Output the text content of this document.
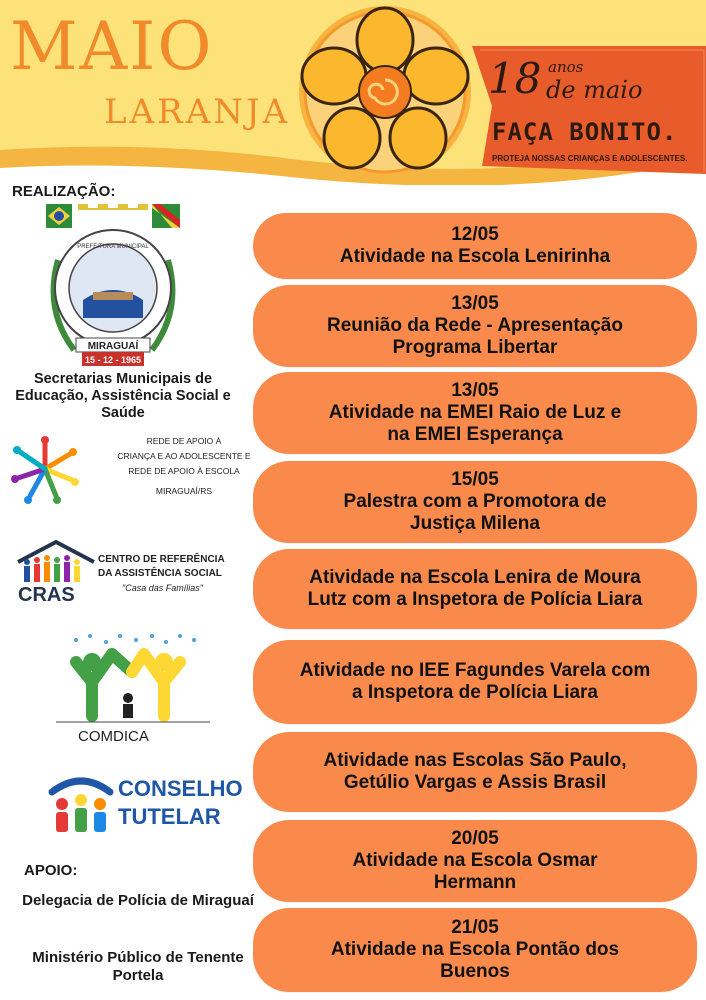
MAIO
LARANJA
18 anos
de maio
FAÇA BONITO.
PROTEJA NOSSAS CRIANÇAS E ADOLESCENTES.
REALIZAÇÃO:
MIRAGUAÍ
15 - 12 - 1965
PREFEITURA MUNICIPAL
Secretarias Municipais de Educação, Assistência Social e Saúde
REDE DE APOIO À
CRIANÇA E AO ADOLESCENTE E
REDE DE APOIO À ESCOLA
MIRAGUAÍ/RS
CENTRO DE REFERÊNCIA
DA ASSISTÊNCIA SOCIAL
"Casa das Famílias"
CRAS
COMDICA
CONSELHO
TUTELAR
APOIO:
Delegacia de Polícia de Miraguaí
Ministério Público de Tenente Portela
12/05
Atividade na Escola Lenirinha
13/05
Reunião da Rede - Apresentação
Programa Libertar
13/05
Atividade na EMEI Raio de Luz e
na EMEI Esperança
15/05
Palestra com a Promotora de
Justiça Milena
Atividade na Escola Lenira de Moura
Lutz com a Inspetora de Polícia Liara
Atividade no IEE Fagundes Varela com
a Inspetora de Polícia Liara
Atividade nas Escolas São Paulo,
Getúlio Vargas e Assis Brasil
20/05
Atividade na Escola Osmar
Hermann
21/05
Atividade na Escola Pontão dos
Buenos
